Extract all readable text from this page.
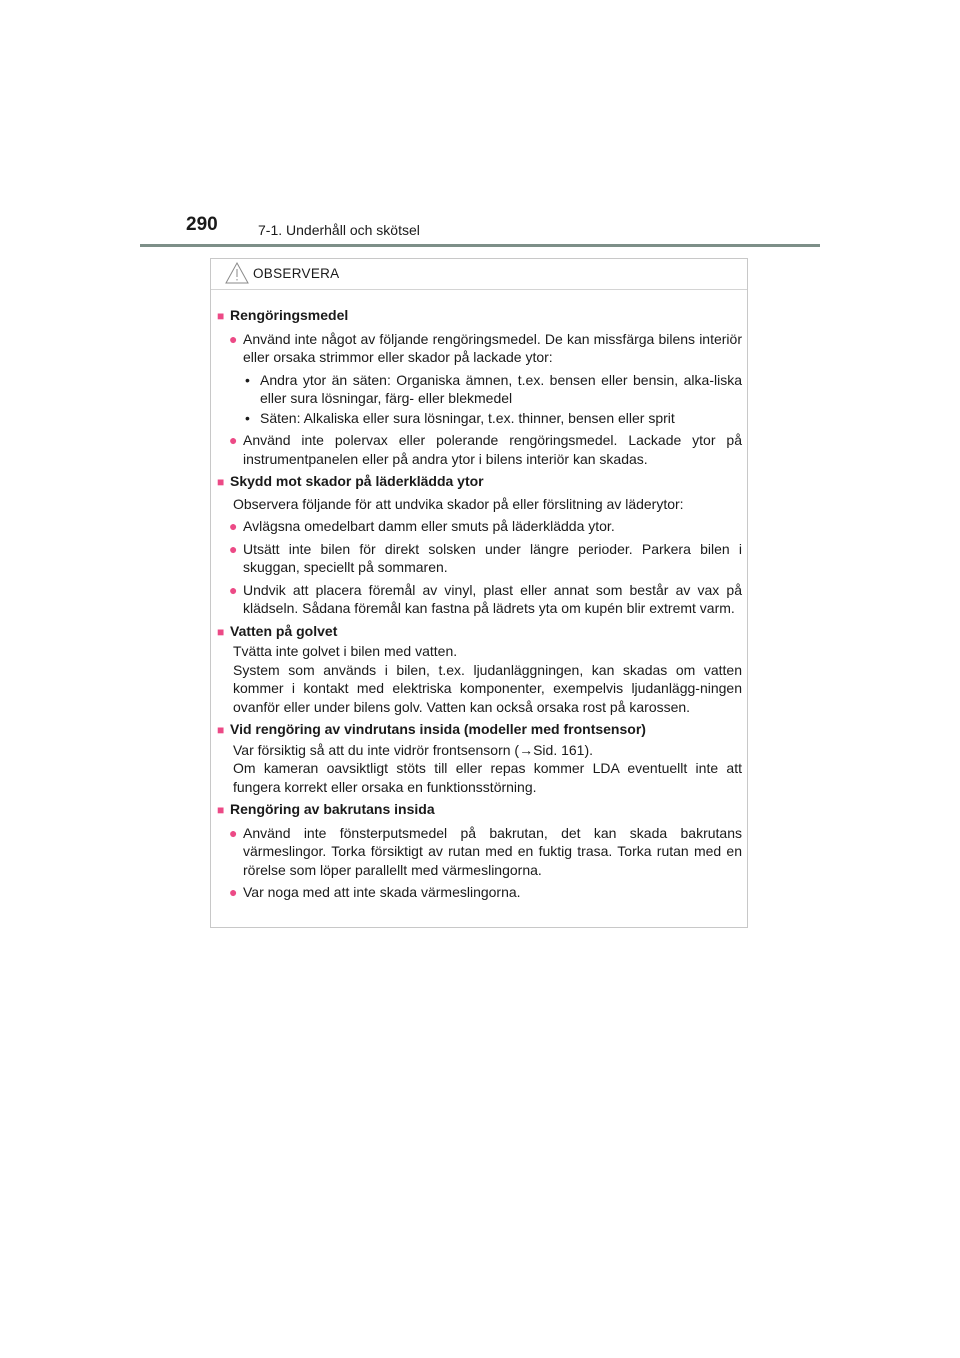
290	7-1. Underhåll och skötsel
OBSERVERA
■ Rengöringsmedel
● Använd inte något av följande rengöringsmedel. De kan missfärga bilens interiör eller orsaka strimmor eller skador på lackade ytor:
• Andra ytor än säten: Organiska ämnen, t.ex. bensen eller bensin, alka-liska eller sura lösningar, färg- eller blekmedel
• Säten: Alkaliska eller sura lösningar, t.ex. thinner, bensen eller sprit
● Använd inte polervax eller polerande rengöringsmedel. Lackade ytor på instrumentpanelen eller på andra ytor i bilens interiör kan skadas.
■ Skydd mot skador på läderklädda ytor
Observera följande för att undvika skador på eller förslitning av läderytor:
● Avlägsna omedelbart damm eller smuts på läderklädda ytor.
● Utsätt inte bilen för direkt solsken under längre perioder. Parkera bilen i skuggan, speciellt på sommaren.
● Undvik att placera föremål av vinyl, plast eller annat som består av vax på klädseln. Sådana föremål kan fastna på lädrets yta om kupén blir extremt varm.
■ Vatten på golvet
Tvätta inte golvet i bilen med vatten.
System som används i bilen, t.ex. ljudanläggningen, kan skadas om vatten kommer i kontakt med elektriska komponenter, exempelvis ljudanlägg-ningen ovanför eller under bilens golv. Vatten kan också orsaka rost på karossen.
■ Vid rengöring av vindrutans insida (modeller med frontsensor)
Var försiktig så att du inte vidrör frontsensorn (→Sid. 161).
Om kameran oavsiktligt stöts till eller repas kommer LDA eventuellt inte att fungera korrekt eller orsaka en funktionsstörning.
■ Rengöring av bakrutans insida
● Använd inte fönsterputsmedel på bakrutan, det kan skada bakrutans värmeslingor. Torka försiktigt av rutan med en fuktig trasa. Torka rutan med en rörelse som löper parallellt med värmeslingorna.
● Var noga med att inte skada värmeslingorna.
